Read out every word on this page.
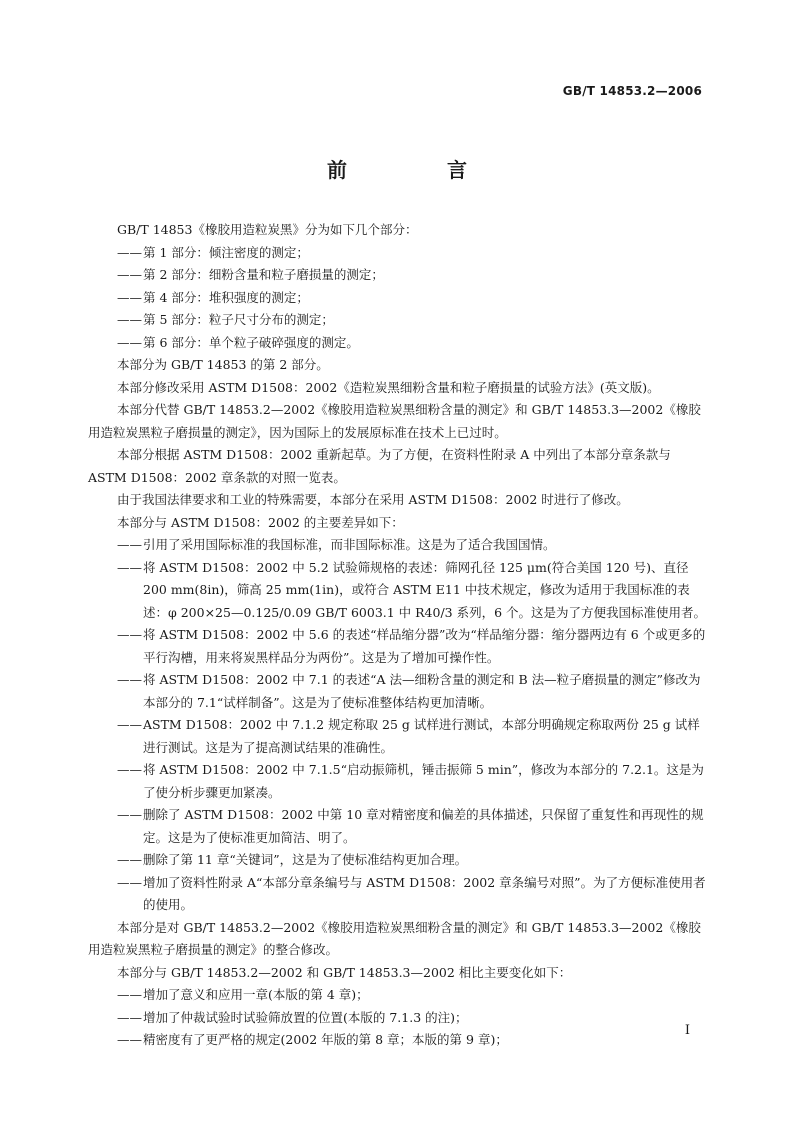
GB/T 14853.2—2006
前　言

GB/T 14853《橡胶用造粒炭黑》分为如下几个部分：

——第 1 部分：倾注密度的测定；

——第 2 部分：细粉含量和粒子磨损量的测定；

——第 4 部分：堆积强度的测定；

——第 5 部分：粒子尺寸分布的测定；

——第 6 部分：单个粒子破碎强度的测定。

本部分为 GB/T 14853 的第 2 部分。

本部分修改采用 ASTM D1508：2002《造粒炭黑细粉含量和粒子磨损量的试验方法》(英文版)。

本部分代替 GB/T 14853.2—2002《橡胶用造粒炭黑细粉含量的测定》和 GB/T 14853.3—2002《橡胶用造粒炭黑粒子磨损量的测定》，因为国际上的发展原标准在技术上已过时。

本部分根据 ASTM D1508：2002 重新起草。为了方便，在资料性附录 A 中列出了本部分章条款与 ASTM D1508：2002 章条款的对照一览表。

由于我国法律要求和工业的特殊需要，本部分在采用 ASTM D1508：2002 时进行了修改。

本部分与 ASTM D1508：2002 的主要差异如下：

——引用了采用国际标准的我国标准，而非国际标准。这是为了适合我国国情。

——将 ASTM D1508：2002 中 5.2 试验筛规格的表述：筛网孔径 125 μm(符合美国 120 号)、直径 200 mm(8in)，筛高 25 mm(1in)，或符合 ASTM E11 中技术规定，修改为适用于我国标准的表述：φ 200×25—0.125/0.09 GB/T 6003.1 中 R40/3 系列，6 个。这是为了方便我国标准使用者。

——将 ASTM D1508：2002 中 5.6 的表述“样品缩分器”改为“样品缩分器：缩分器两边有 6 个或更多的平行沟槽，用来将炭黑样品分为两份”。这是为了增加可操作性。

——将 ASTM D1508：2002 中 7.1 的表述“A 法—细粉含量的测定和 B 法—粒子磨损量的测定”修改为本部分的 7.1“试样制备”。这是为了使标准整体结构更加清晰。

——ASTM D1508：2002 中 7.1.2 规定称取 25 g 试样进行测试，本部分明确规定称取两份 25 g 试样进行测试。这是为了提高测试结果的准确性。

——将 ASTM D1508：2002 中 7.1.5“启动振筛机，锤击振筛 5 min”，修改为本部分的 7.2.1。这是为了使分析步骤更加紧凑。

——删除了 ASTM D1508：2002 中第 10 章对精密度和偏差的具体描述，只保留了重复性和再现性的规定。这是为了使标准更加简洁、明了。

——删除了第 11 章“关键词”，这是为了使标准结构更加合理。

——增加了资料性附录 A“本部分章条编号与 ASTM D1508：2002 章条编号对照”。为了方便标准使用者的使用。

本部分是对 GB/T 14853.2—2002《橡胶用造粒炭黑细粉含量的测定》和 GB/T 14853.3—2002《橡胶用造粒炭黑粒子磨损量的测定》的整合修改。

本部分与 GB/T 14853.2—2002 和 GB/T 14853.3—2002 相比主要变化如下：

——增加了意义和应用一章(本版的第 4 章)；

——增加了仲裁试验时试验筛放置的位置(本版的 7.1.3 的注)；

——精密度有了更严格的规定(2002 年版的第 8 章；本版的第 9 章)；

I
